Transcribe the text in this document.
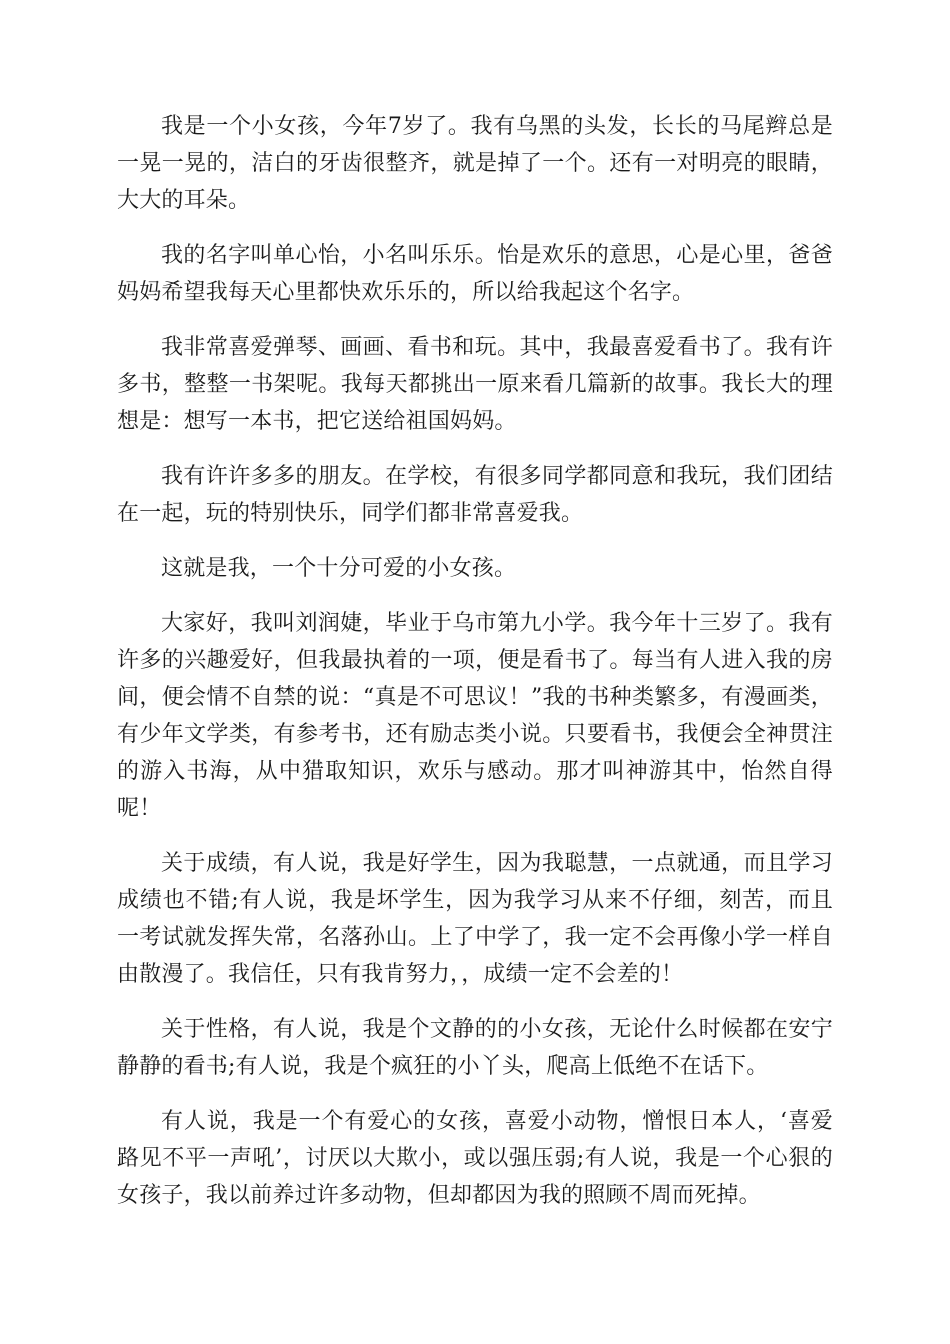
我是一个小女孩，今年7岁了。我有乌黑的头发，长长的马尾辫总是一晃一晃的，洁白的牙齿很整齐，就是掉了一个。还有一对明亮的眼睛，大大的耳朵。

我的名字叫单心怡，小名叫乐乐。怡是欢乐的意思，心是心里，爸爸妈妈希望我每天心里都快欢乐乐的，所以给我起这个名字。

我非常喜爱弹琴、画画、看书和玩。其中，我最喜爱看书了。我有许多书，整整一书架呢。我每天都挑出一原来看几篇新的故事。我长大的理想是：想写一本书，把它送给祖国妈妈。

我有许许多多的朋友。在学校，有很多同学都同意和我玩，我们团结在一起，玩的特别快乐，同学们都非常喜爱我。

这就是我，一个十分可爱的小女孩。

大家好，我叫刘润婕，毕业于乌市第九小学。我今年十三岁了。我有许多的兴趣爱好，但我最执着的一项，便是看书了。每当有人进入我的房间，便会情不自禁的说：“真是不可思议！”我的书种类繁多，有漫画类，有少年文学类，有参考书，还有励志类小说。只要看书，我便会全神贯注的游入书海，从中猎取知识，欢乐与感动。那才叫神游其中，怡然自得呢！

关于成绩，有人说，我是好学生，因为我聪慧，一点就通，而且学习成绩也不错;有人说，我是坏学生，因为我学习从来不仔细，刻苦，而且一考试就发挥失常，名落孙山。上了中学了，我一定不会再像小学一样自由散漫了。我信任，只有我肯努力，，成绩一定不会差的！

关于性格，有人说，我是个文静的的小女孩，无论什么时候都在安宁静静的看书;有人说，我是个疯狂的小丫头，爬高上低绝不在话下。

有人说，我是一个有爱心的女孩，喜爱小动物，憎恨日本人，‘喜爱路见不平一声吼’，讨厌以大欺小，或以强压弱;有人说，我是一个心狠的女孩子，我以前养过许多动物，但却都因为我的照顾不周而死掉。
